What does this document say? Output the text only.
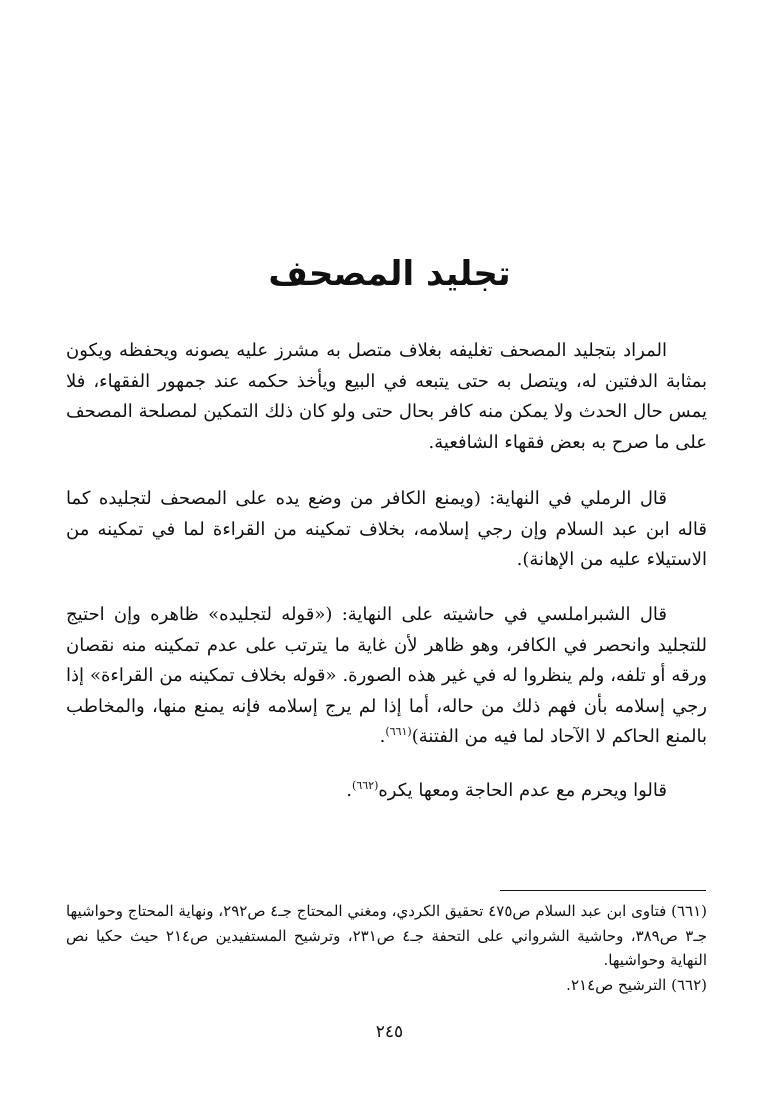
تجليد المصحف

المراد بتجليد المصحف تغليفه بغلاف متصل به مشرز عليه يصونه ويحفظه ويكون بمثابة الدفتين له، ويتصل به حتى يتبعه في البيع ويأخذ حكمه عند جمهور الفقهاء، فلا يمس حال الحدث ولا يمكن منه كافر بحال حتى ولو كان ذلك التمكين لمصلحة المصحف على ما صرح به بعض فقهاء الشافعية.

قال الرملي في النهاية: (ويمنع الكافر من وضع يده على المصحف لتجليده كما قاله ابن عبد السلام وإن رجي إسلامه، بخلاف تمكينه من القراءة لما في تمكينه من الاستيلاء عليه من الإهانة).

قال الشبراملسي في حاشيته على النهاية: («قوله لتجليده» ظاهره وإن احتيج للتجليد وانحصر في الكافر، وهو ظاهر لأن غاية ما يترتب على عدم تمكينه منه نقصان ورقه أو تلفه، ولم ينظروا له في غير هذه الصورة. «قوله بخلاف تمكينه من القراءة» إذا رجي إسلامه بأن فهم ذلك من حاله، أما إذا لم يرج إسلامه فإنه يمنع منها، والمخاطب بالمنع الحاكم لا الآحاد لما فيه من الفتنة)$^{(٦٦١)}$.

قالوا ويحرم مع عدم الحاجة ومعها يكره$^{(٦٦٢)}$.

(٦٦١) فتاوى ابن عبد السلام ص٤٧٥ تحقيق الكردي، ومغني المحتاج جـ٤ ص٢٩٢، ونهاية المحتاج وحواشيها جـ٣ ص٣٨٩، وحاشية الشرواني على التحفة جـ٤ ص٢٣١، وترشيح المستفيدين ص٢١٤ حيث حكيا نص النهاية وحواشيها.

(٦٦٢) الترشيح ص٢١٤.

٢٤٥
